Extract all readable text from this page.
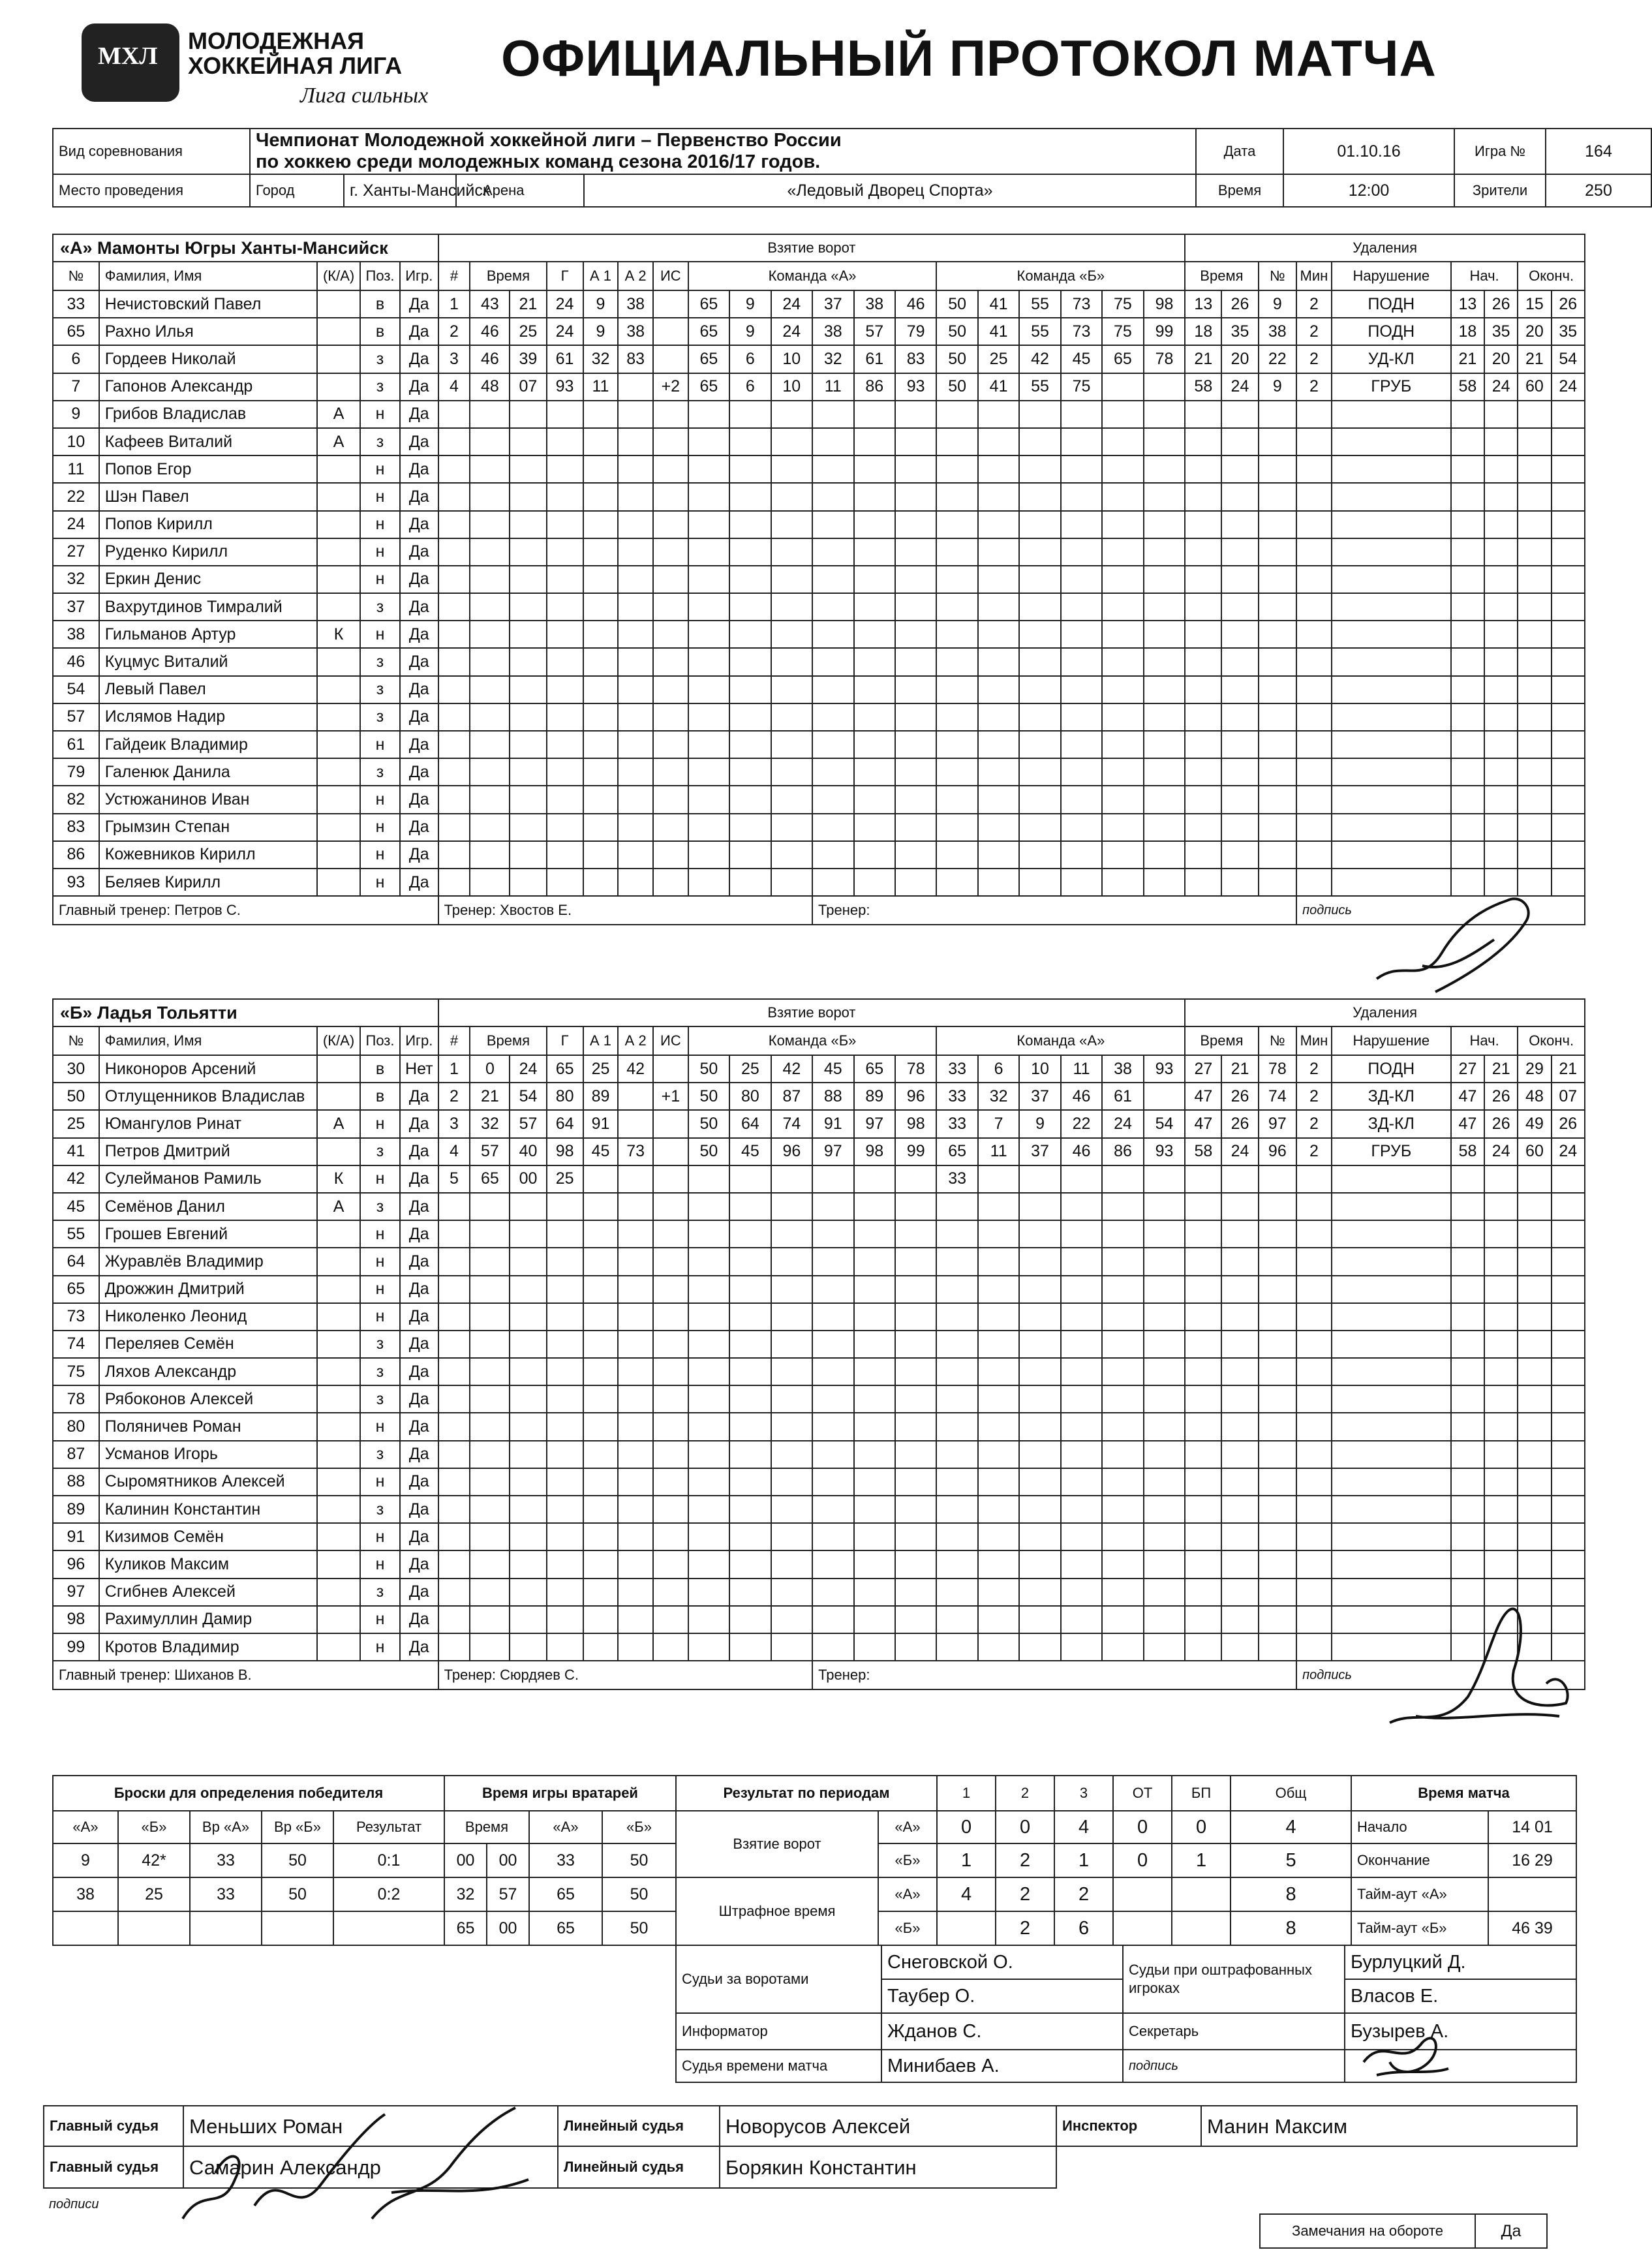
МХЛ
МОЛОДЕЖНАЯ
ХОККЕЙНАЯ ЛИГА
Лига сильных
ОФИЦИАЛЬНЫЙ ПРОТОКОЛ МАТЧА
Вид соревнования	Чемпионат Молодежной хоккейной лиги – Первенство России
по хоккею среди молодежных команд сезона 2016/17 годов.				Дата	01.10.16	Игра №	164
Место проведения	Город	г. Ханты-Мансийск	Арена	«Ледовый Дворец Спорта»	Время	12:00	Зрители	250
«А» Мамонты Югры Ханты-Мансийск					Взятие ворот																			Удаления								
№	Фамилия, Имя	(К/А)	Поз.	Игр.	#	Время		Г	А 1	А 2	ИС	Команда «А»						Команда «Б»						Время		№	Мин	Нарушение	Нач.		Оконч.	
33	Нечистовский Павел		в	Да	1	43	21	24	9	38		65	9	24	37	38	46	50	41	55	73	75	98	13	26	9	2	ПОДН	13	26	15	26
65	Рахно Илья		в	Да	2	46	25	24	9	38		65	9	24	38	57	79	50	41	55	73	75	99	18	35	38	2	ПОДН	18	35	20	35
6	Гордеев Николай		з	Да	3	46	39	61	32	83		65	6	10	32	61	83	50	25	42	45	65	78	21	20	22	2	УД-КЛ	21	20	21	54
7	Гапонов Александр		з	Да	4	48	07	93	11		+2	65	6	10	11	86	93	50	41	55	75			58	24	9	2	ГРУБ	58	24	60	24
9	Грибов Владислав	А	н	Да																												
10	Кафеев Виталий	А	з	Да																												
11	Попов Егор		н	Да																												
22	Шэн Павел		н	Да																												
24	Попов Кирилл		н	Да																												
27	Руденко Кирилл		н	Да																												
32	Еркин Денис		н	Да																												
37	Вахрутдинов Тимралий		з	Да																												
38	Гильманов Артур	К	н	Да																												
46	Куцмус Виталий		з	Да																												
54	Левый Павел		з	Да																												
57	Ислямов Надир		з	Да																												
61	Гайдеик Владимир		н	Да																												
79	Галенюк Данила		з	Да																												
82	Устюжанинов Иван		н	Да																												
83	Грымзин Степан		н	Да																												
86	Кожевников Кирилл		н	Да																												
93	Беляев Кирилл		н	Да																												
Главный тренер: Петров С.					Тренер: Хвостов Е.										Тренер:												подпись					
«Б» Ладья Тольятти					Взятие ворот																			Удаления								
№	Фамилия, Имя	(К/А)	Поз.	Игр.	#	Время		Г	А 1	А 2	ИС	Команда «Б»						Команда «А»						Время		№	Мин	Нарушение	Нач.		Оконч.	
30	Никоноров Арсений		в	Нет	1	0	24	65	25	42		50	25	42	45	65	78	33	6	10	11	38	93	27	21	78	2	ПОДН	27	21	29	21
50	Отлущенников Владислав		в	Да	2	21	54	80	89		+1	50	80	87	88	89	96	33	32	37	46	61		47	26	74	2	ЗД-КЛ	47	26	48	07
25	Юмангулов Ринат	А	н	Да	3	32	57	64	91			50	64	74	91	97	98	33	7	9	22	24	54	47	26	97	2	ЗД-КЛ	47	26	49	26
41	Петров Дмитрий		з	Да	4	57	40	98	45	73		50	45	96	97	98	99	65	11	37	46	86	93	58	24	96	2	ГРУБ	58	24	60	24
42	Сулейманов Рамиль	К	н	Да	5	65	00	25										33														
45	Семёнов Данил	А	з	Да																												
55	Грошев Евгений		н	Да																												
64	Журавлёв Владимир		н	Да																												
65	Дрожжин Дмитрий		н	Да																												
73	Николенко Леонид		н	Да																												
74	Переляев Семён		з	Да																												
75	Ляхов Александр		з	Да																												
78	Рябоконов Алексей		з	Да																												
80	Поляничев Роман		н	Да																												
87	Усманов Игорь		з	Да																												
88	Сыромятников Алексей		н	Да																												
89	Калинин Константин		з	Да																												
91	Кизимов Семён		н	Да																												
96	Куликов Максим		н	Да																												
97	Сгибнев Алексей		з	Да																												
98	Рахимуллин Дамир		н	Да																												
99	Кротов Владимир		н	Да																												
Главный тренер: Шиханов В.					Тренер: Сюрдяев С.										Тренер:												подпись					
Броски для определения победителя				
«А»	«Б»	Вр «А»	Вр «Б»	Результат
9	42*	33	50	0:1
38	25	33	50	0:2

Время игры вратарей			
Время		«А»	«Б»
00	00	33	50
32	57	65	50
65	00	65	50
Результат по периодам		1	2	3	ОТ	БП	Общ
Взятие ворот	«А»	0	0	4	0	0	4
	«Б»	1	2	1	0	1	5
Штрафное время	«А»	4	2	2			8
	«Б»		2	6			8
Время матча	
Начало	14 01
Окончание	16 29
Тайм-аут «А»	
Тайм-аут «Б»	46 39
Судьи за воротами	Снеговской О.	Судьи при оштрафованных игроках	Бурлуцкий Д.
	Таубер О.		Власов Е.
Информатор	Жданов С.	Секретарь	Бузырев А.
Судья времени матча	Минибаев А.	подпись	
Главный судья	Меньших Роман	Линейный судья	Новорусов Алексей	Инспектор	Манин Максим
Главный судья	Самарин Александр	Линейный судья	Борякин Константин		
подписи					
Замечания на обороте	Да
